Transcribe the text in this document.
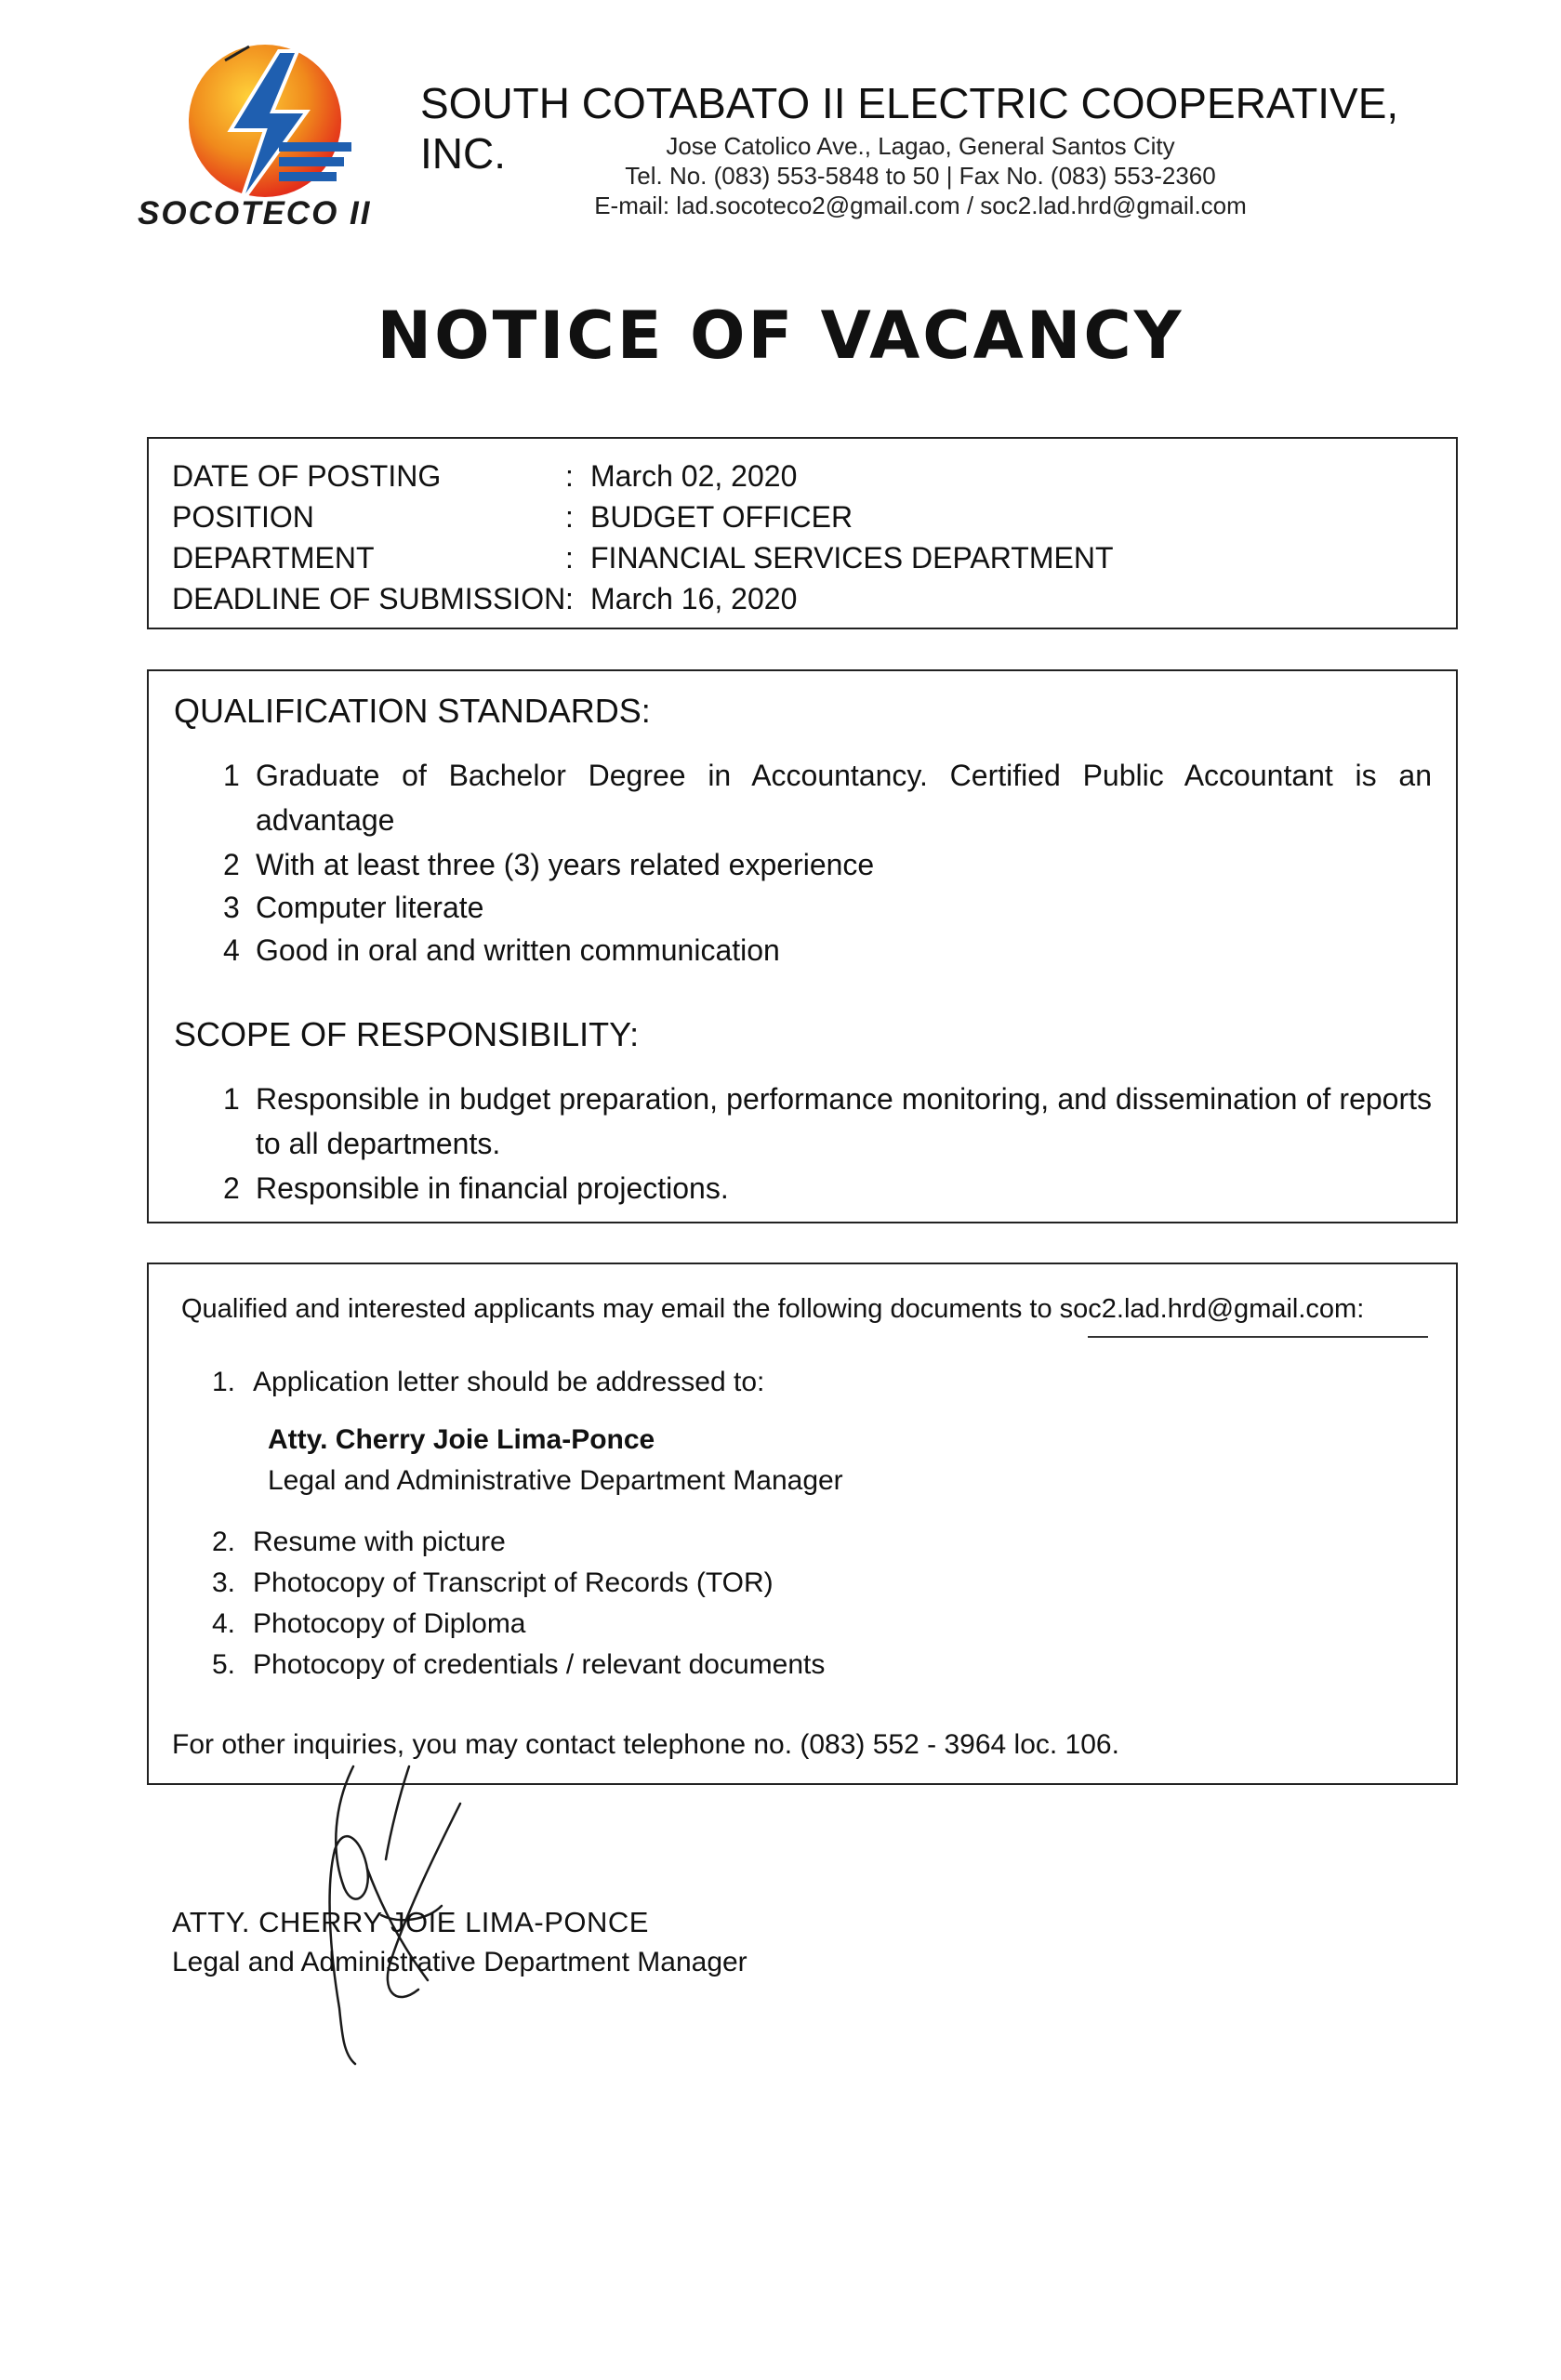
SOCOTECO II
SOUTH COTABATO II ELECTRIC COOPERATIVE, INC.	Jose Catolico Ave., Lagao, General Santos City
Tel. No. (083) 553-5848 to 50 | Fax No. (083) 553-2360
E-mail: lad.socoteco2@gmail.com / soc2.lad.hrd@gmail.com
NOTICE OF VACANCY
DATE OF POSTING	: March 02, 2020
POSITION	: BUDGET OFFICER
DEPARTMENT	: FINANCIAL SERVICES DEPARTMENT
DEADLINE OF SUBMISSION : March 16, 2020
QUALIFICATION STANDARDS:
1 Graduate of Bachelor Degree in Accountancy. Certified Public Accountant is an advantage
2 With at least three (3) years related experience
3 Computer literate
4 Good in oral and written communication
SCOPE OF RESPONSIBILITY:
1 Responsible in budget preparation, performance monitoring, and dissemination of reports to all departments.
2 Responsible in financial projections.
Qualified and interested applicants may email the following documents to soc2.lad.hrd@gmail.com:
1. Application letter should be addressed to:
Atty. Cherry Joie Lima-Ponce
Legal and Administrative Department Manager
2. Resume with picture
3. Photocopy of Transcript of Records (TOR)
4. Photocopy of Diploma
5. Photocopy of credentials / relevant documents
For other inquiries, you may contact telephone no. (083) 552 - 3964 loc. 106.
ATTY. CHERRY JOIE LIMA-PONCE
Legal and Administrative Department Manager
